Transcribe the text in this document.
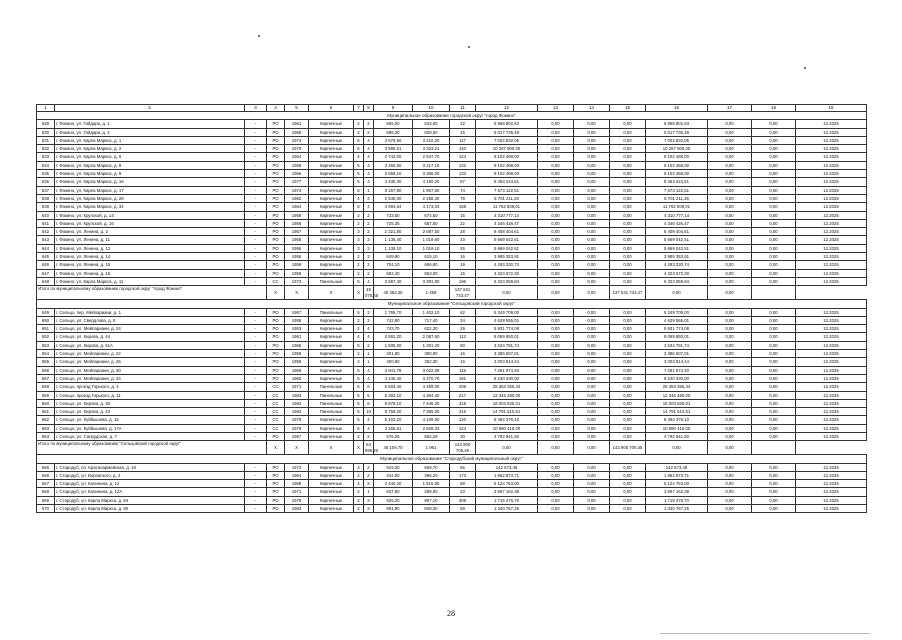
1	2	3	4	5	6	7	8	9	10	11	12	13	14	15	16	17	18	19
Муниципальное образование городской округ "город Фокино"																		
629	г. Фокино, ул. Гайдара, д. 1	-	РО	1961	Кирпичные	2	2	665,00	633,00	22	6 968 802,63	0,00	0,00	0,00	6 968 802,63	0,00	0,00	12.2025
630	г. Фокино, ул. Гайдара, д. 4	-	РО	1969	Кирпичные	2	2	688,30	628,60	15	5 017 735,48	0,00	0,00	0,00	5 017 735,48	0,00	0,00	12.2025
631	г. Фокино, ул. Карла Маркса, д. 1	-	РО	1974	Кирпичные	5	4	3 679,60	3 410,20	117	7 002 832,05	0,00	0,00	0,00	7 002 832,05	0,00	0,00	12.2025
632	г. Фокино, ул. Карла Маркса, д. 2	-	РО	1970	Кирпичные	5	4	3 585,61	3 323,21	140	10 267 900,00	0,00	0,00	0,00	10 267 900,00	0,00	0,00	12.2025
633	г. Фокино, ул. Карла Маркса, д. 6	-	РО	1964	Кирпичные	4	4	2 742,00	2 547,70	124	9 102 468,00	0,00	0,00	0,00	9 102 468,00	0,00	0,00	12.2025
634	г. Фокино, ул. Карла Маркса, д. 8	-	РО	1968	Кирпичные	5	4	3 456,50	3 217,10	132	9 102 468,00	0,00	0,00	0,00	9 102 468,00	0,00	0,00	12.2025
635	г. Фокино, ул. Карла Маркса, д. 9	-	РО	1966	Кирпичные	5	4	3 659,10	3 386,00	133	9 102 468,00	0,00	0,00	0,00	9 102 468,00	0,00	0,00	12.2025
636	г. Фокино, ул. Карла Маркса, д. 16	-	РО	1977	Кирпичные	5	4	4 435,30	4 150,20	87	8 453 224,51	0,00	0,00	0,00	8 453 224,51	0,00	0,00	12.2025
637	г. Фокино, ул. Карла Маркса, д. 17	-	РО	1974	Кирпичные	5	1	3 157,90	1 867,60	74	7 673 122,51	0,00	0,00	0,00	7 673 122,51	0,00	0,00	12.2025
638	г. Фокино, ул. Карла Маркса, д. 29	-	РО	1962	Кирпичные	4	3	2 546,00	2 258,30	79	5 701 211,25	0,00	0,00	0,00	5 701 211,25	0,00	0,00	12.2025
639	г. Фокино, ул. Карла Маркса, д. 34	-	РО	1964	Кирпичные	5	4	4 694,64	4 173,04	158	11 762 609,01	0,00	0,00	0,00	11 762 609,01	0,00	0,00	12.2025
640	г. Фокино, ул. Крупской, д. 14	-	РО	1959	Кирпичные	2	2	733,50	674,60	15	4 310 777,14	0,00	0,00	0,00	4 310 777,14	0,00	0,00	12.2025
641	г. Фокино, ул. Крупской, д. 16	-	РО	1958	Кирпичные	2	2	725,35	657,50	22	4 346 426,47	0,00	0,00	0,00	4 346 426,47	0,00	0,00	12.2025
642	г. Фокино, ул. Ленина, д. 2	-	РО	1957	Кирпичные	3	3	2 321,80	2 087,50	28	8 408 404,61	0,00	0,00	0,00	8 408 404,61	0,00	0,00	12.2025
643	г. Фокино, ул. Ленина, д. 11	-	РО	1958	Кирпичные	3	3	1 135,40	1 019,60	23	5 669 042,51	0,00	0,00	0,00	5 669 042,51	0,00	0,00	12.2025
644	г. Фокино, ул. Ленина, д. 12	-	РО	1956	Кирпичные	3	3	1 139,10	1 019,10	26	5 669 042,51	0,00	0,00	0,00	5 669 042,51	0,00	0,00	12.2025
645	г. Фокино, ул. Ленина, д. 14	-	РО	1956	Кирпичные	2	2	649,90	615,10	16	3 985 353,91	0,00	0,00	0,00	3 985 353,91	0,00	0,00	12.2025
646	г. Фокино, ул. Ленина, д. 15	-	РО	1959	Кирпичные	2	2	704,10	666,80	19	4 293 330,74	0,00	0,00	0,00	4 293 330,74	0,00	0,00	12.2025
647	г. Фокино, ул. Ленина, д. 16	-	РО	1958	Кирпичные	2	2	682,40	653,00	15	4 323 672,30	0,00	0,00	0,00	4 323 672,30	0,00	0,00	12.2025
648	г. Фокино, ул. Карла Маркса, д. 11	-	СС	1973	Панельные	5	4	3 597,40	3 391,80	196	6 323 059,84	0,00	0,00	0,00	6 323 059,84	0,00	0,00	12.2025
Итого по муниципальному образованию городской округ "город Фокино"			X	X	X	X	45 076,45	40 362,35	1 469	137 631 733,47	0,00	0,00	0,00	137 631 733,47	0,00	0,00		
Муниципальное образование "Сельцовский городской округ"																		
649	г. Сельцо, пер. Мейпариани, д. 1	-	РО	1967	Панельные	5	2	1 765,70	1 402,10	62	5 349 709,00	0,00	0,00	0,00	5 349 709,00	0,00	0,00	12.2025
650	г. Сельцо, ул. Свердлова, д. 5	-	РО	1958	Кирпичные	2	2	742,80	717,40	34	4 629 555,01	0,00	0,00	0,00	4 629 555,01	0,00	0,00	12.2025
651	г. Сельцо, ул. Мейпариани, д. 24	-	РО	1953	Кирпичные	2	4	743,70	622,20	29	5 931 774,08	0,00	0,00	0,00	5 931 774,08	0,00	0,00	12.2025
652	г. Сельцо, ул. Кирова, д. 44	-	РО	1961	Кирпичные	4	4	3 592,20	2 087,60	113	8 069 850,01	0,00	0,00	0,00	8 069 850,01	0,00	0,00	12.2025
653	г. Сельцо, ул. Кирова, д. 61А	-	РО	1965	Кирпичные	5	2	1 935,00	1 281,20	60	3 534 791,74	0,00	0,00	0,00	3 534 791,74	0,00	0,00	12.2025
654	г. Сельцо, ул. Мейпариани, д. 22	-	РО	1958	Кирпичные	2	1	401,80	380,90	16	3 386 607,01	0,00	0,00	0,00	3 386 607,01	0,00	0,00	12.2025
655	г. Сельцо, ул. Мейпариани, д. 26	-	РО	1958	Кирпичные	2	1	400,80	362,30	16	3 003 814,44	0,00	0,00	0,00	3 003 814,44	0,00	0,00	12.2025
656	г. Сельцо, ул. Мейпариани, д. 30	-	РО	1969	Кирпичные	5	4	3 941,78	3 022,08	115	7 281 974,40	0,00	0,00	0,00	7 281 974,40	0,00	0,00	12.2025
657	г. Сельцо, ул. Мейпариани, д. 34	-	РО	1960	Кирпичные	5	4	4 245,40	3 470,70	191	8 230 330,00	0,00	0,00	0,00	8 230 330,00	0,00	0,00	12.2025
658	г. Сельцо, проезд Горького, д. 4	-	СС	1971	Панельные	5	6	6 503,40	4 459,00	209	25 353 355,44	0,00	0,00	0,00	25 353 355,44	0,00	0,00	12.2025
659	г. Сельцо, проезд Горького, д. 11	-	СС	1983	Панельные	5	5	5 283,10	4 264,40	217	12 345 480,00	0,00	0,00	0,00	12 345 480,00	0,00	0,00	12.2025
660	г. Сельцо, ул. Кирова, д. 30	-	СС	1982	Панельные	5	6	9 878,10	7 446,30	315	18 003 825,01	0,00	0,00	0,00	18 003 825,01	0,00	0,00	12.2025
661	г. Сельцо, ул. Кирова, д. 43	-	СС	1982	Панельные	5	10	8 759,20	7 365,00	316	14 791 510,51	0,00	0,00	0,00	14 791 510,51	0,00	0,00	12.2025
662	г. Сельцо, ул. Куйбышева, д. 15	-	СС	1979	Кирпичные	5	4	5 103,20	4 109,50	120	8 494 376,10	0,00	0,00	0,00	8 494 376,10	0,00	0,00	12.2025
663	г. Сельцо, ул. Куйбышева, д. 17А	-	СС	1979	Кирпичные	5	4	3 265,81	2 628,33	124	10 680 416,00	0,00	0,00	0,00	10 680 416,00	0,00	0,00	12.2025
664	г. Сельцо, ул. Сапрудская, д. 7	-	РО	1957	Кирпичные	2	2	676,26	652,28	30	4 792 941,50	0,00	0,00	0,00	4 792 941,50	0,00	0,00	12.2025
Итого по муниципальному образованию "Сельцовский городской округ"			X	X	X	X	54 896,20	45 109,70	1 961	143 900 705,45	0,00	0,00	0,00	143 900 705,45	0,00	0,00		
Муниципальное образование "Стародубский муниципальный округ"																		
665	г. Стародуб, пл. Красноармейская, д. 18	-	РО	1972	Кирпичные	3	2	919,30	669,70	66	142 673,49	0,00	0,00	0,00	142 673,49	0,00	0,00	12.2025
666	г. Стародуб, ул. Воровского, д. 4	-	РО	1964	Кирпичные	2	2	434,90	396,20	173	1 962 873,71	0,00	0,00	0,00	1 962 873,71	0,00	0,00	12.2025
667	г. Стародуб, ул. Калинина, д. 12	-	РО	1969	Кирпичные	4	3	2 440,20	1 515,80	68	5 124 763,00	0,00	0,00	0,00	5 124 763,00	0,00	0,00	12.2025
668	г. Стародуб, ул. Калинина, д. 12А	-	РО	1971	Кирпичные	2	1	637,80	298,60	23	3 697 162,38	0,00	0,00	0,00	3 697 162,38	0,00	0,00	12.2025
669	г. Стародуб, ул. Карла Маркса, д. 84	-	РО	1975	Кирпичные	2	3	925,20	897,10	308	1 715 476,70	0,00	0,00	0,00	1 715 476,70	0,00	0,00	12.2025
670	г. Стародуб, ул. Карла Маркса, д. 90	-	РО	1983	Кирпичные	2	3	891,90	848,30	59	1 340 767,25	0,00	0,00	0,00	1 340 767,25	0,00	0,00	12.2025
28
